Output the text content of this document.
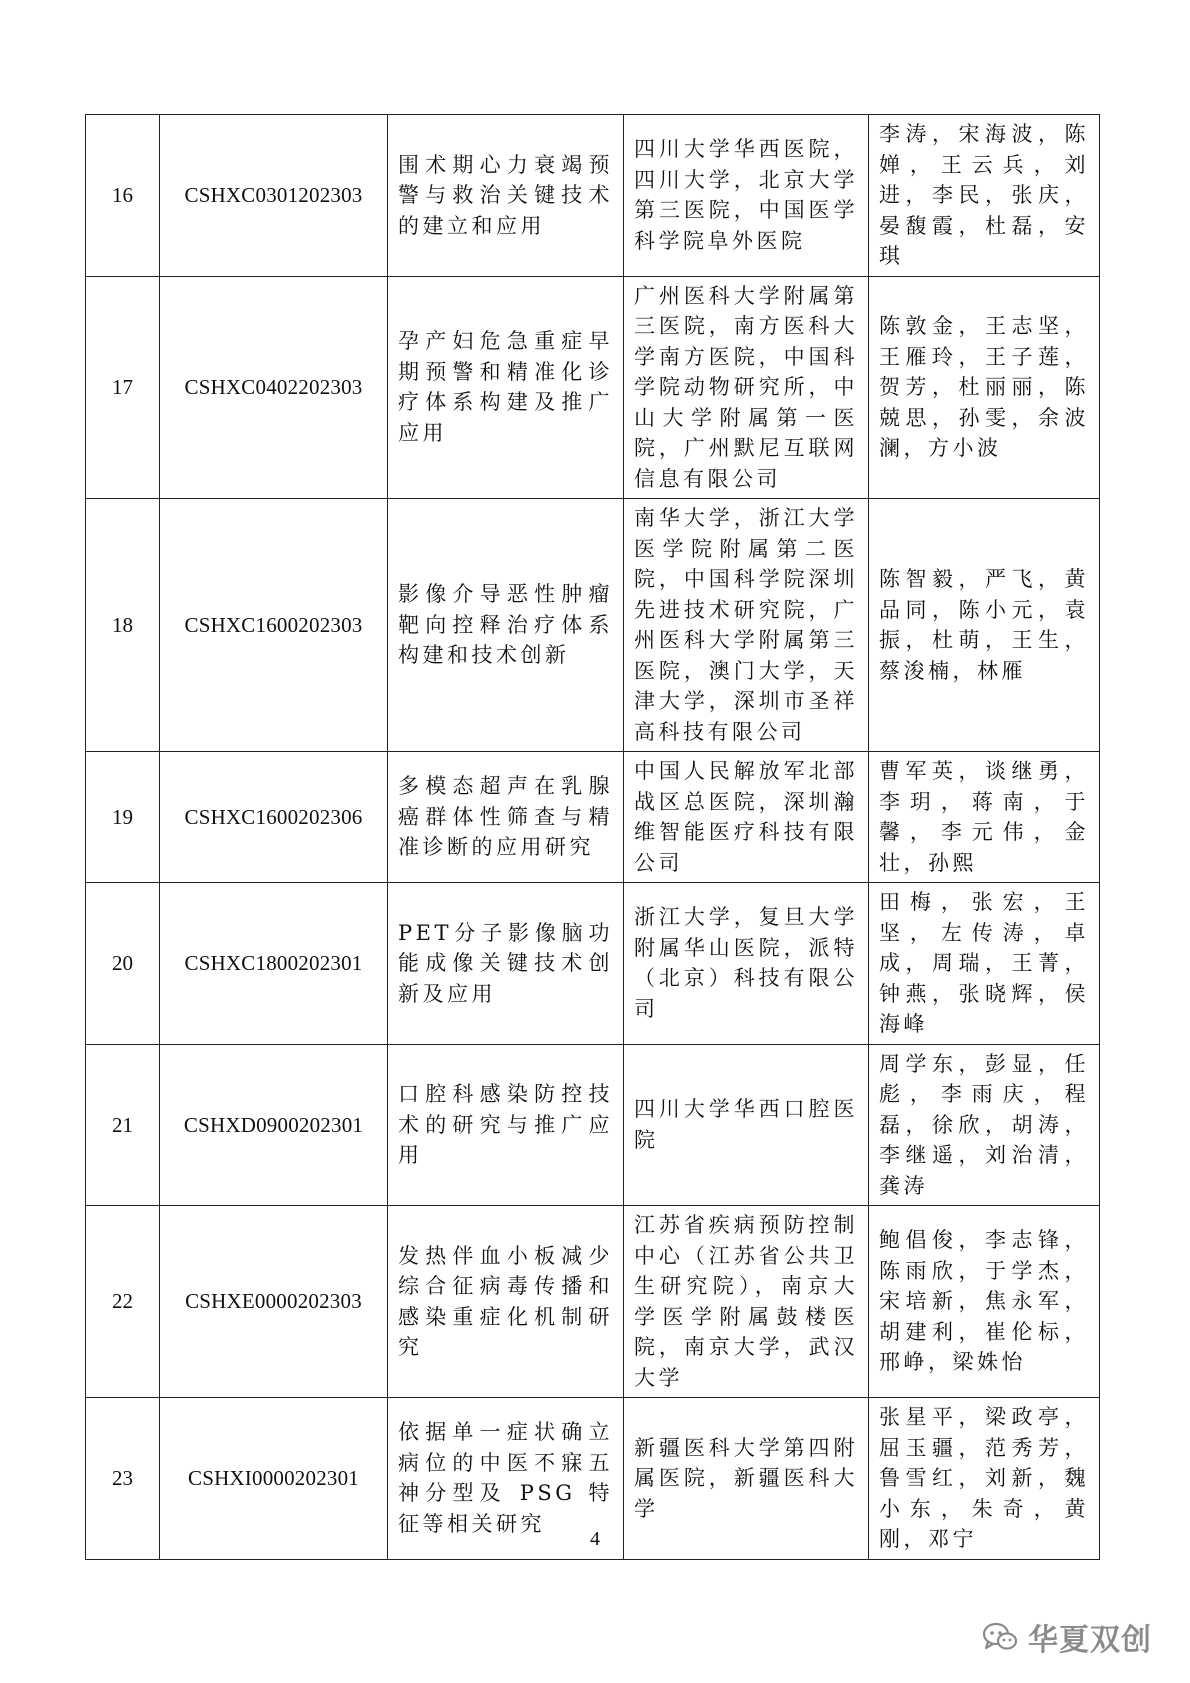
16	CSHXC0301202303	围术期心力衰竭预警与救治关键技术的建立和应用	四川大学华西医院，四川大学，北京大学第三医院，中国医学科学院阜外医院	李涛，宋海波，陈婵，王云兵，刘进，李民，张庆，晏馥霞，杜磊，安琪
17	CSHXC0402202303	孕产妇危急重症早期预警和精准化诊疗体系构建及推广应用	广州医科大学附属第三医院，南方医科大学南方医院，中国科学院动物研究所，中山大学附属第一医院，广州默尼互联网信息有限公司	陈敦金，王志坚，王雁玲，王子莲，贺芳，杜丽丽，陈兢思，孙雯，余波澜，方小波
18	CSHXC1600202303	影像介导恶性肿瘤靶向控释治疗体系构建和技术创新	南华大学，浙江大学医学院附属第二医院，中国科学院深圳先进技术研究院，广州医科大学附属第三医院，澳门大学，天津大学，深圳市圣祥高科技有限公司	陈智毅，严飞，黄品同，陈小元，袁振，杜萌，王生，蔡浚楠，林雁
19	CSHXC1600202306	多模态超声在乳腺癌群体性筛查与精准诊断的应用研究	中国人民解放军北部战区总医院，深圳瀚维智能医疗科技有限公司	曹军英，谈继勇，李玥，蒋南，于馨，李元伟，金壮，孙熙
20	CSHXC1800202301	PET分子影像脑功能成像关键技术创新及应用	浙江大学，复旦大学附属华山医院，派特（北京）科技有限公司	田梅，张宏，王坚，左传涛，卓成，周瑞，王菁，钟燕，张晓辉，侯海峰
21	CSHXD0900202301	口腔科感染防控技术的研究与推广应用	四川大学华西口腔医院	周学东，彭显，任彪，李雨庆，程磊，徐欣，胡涛，李继遥，刘治清，龚涛
22	CSHXE0000202303	发热伴血小板减少综合征病毒传播和感染重症化机制研究	江苏省疾病预防控制中心（江苏省公共卫生研究院），南京大学医学附属鼓楼医院，南京大学，武汉大学	鲍倡俊，李志锋，陈雨欣，于学杰，宋培新，焦永军，胡建利，崔伦标，邢峥，梁姝怡
23	CSHXI0000202301	依据单一症状确立病位的中医不寐五神分型及 PSG 特征等相关研究	新疆医科大学第四附属医院，新疆医科大学	张星平，梁政亭，屈玉疆，范秀芳，鲁雪红，刘新，魏小东，朱奇，黄刚，邓宁
4
华夏双创
